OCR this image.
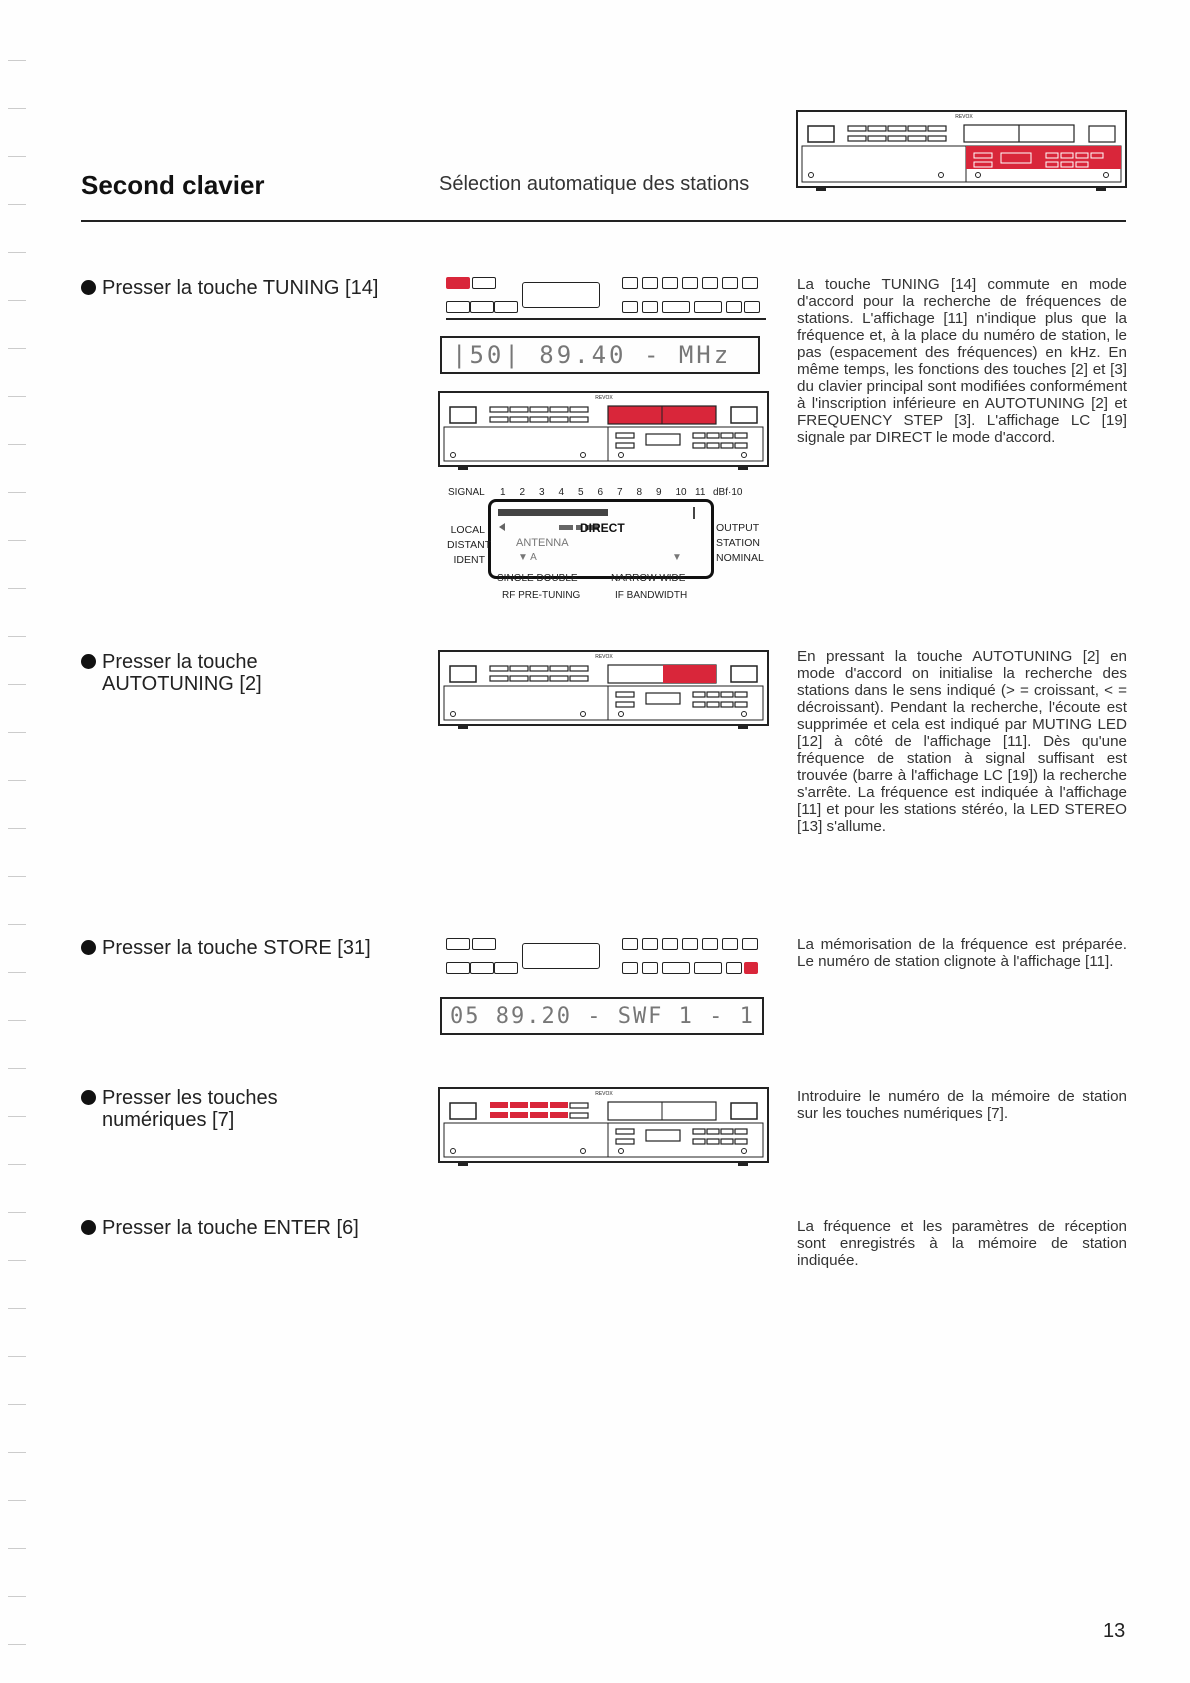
Second clavier	Sélection automatique des stations
REVOX
Presser la touche TUNING [14]	La touche TUNING [14] commute en mode d'accord pour la recherche de fréquences de stations. L'affichage [11] n'indique plus que la fréquence et, à la place du numéro de station, le pas (espacement des fréquences) en kHz. En même temps, les fonctions des touches [2] et [3] du clavier principal sont modifiées conformément à l'inscription inférieure en AUTOTUNING [2] et FREQUENCY STEP [3]. L'affichage LC [19] signale par DIRECT le mode d'accord.
|50| 89.40 - MHz
REVOX
SIGNAL 1 2 3 4 5 6 7 8 9 10 11 dBf·10
DIRECT
ANTENNA
▼ A	▼
LOCAL
DISTANT
IDENT
OUTPUT
STATION
NOMINAL
SINGLE DOUBLE	NARROW WIDE
RF PRE-TUNING	IF BANDWIDTH
Presser la touche
AUTOTUNING [2]
En pressant la touche AUTOTUNING [2] en mode d'accord on initialise la recherche des stations dans le sens indiqué (> = croissant, < = décroissant). Pendant la recherche, l'écoute est supprimée et cela est indiqué par MUTING LED [12] à côté de l'affichage [11]. Dès qu'une fréquence de station à signal suffisant est trouvée (barre à l'affichage LC [19]) la recherche s'arrête. La fréquence est indiquée à l'affichage [11] et pour les stations stéréo, la LED STEREO [13] s'allume.
REVOX
Presser la touche STORE [31]	La mémorisation de la fréquence est préparée. Le numéro de station clignote à l'affichage [11].
05 89.20 - SWF 1 - 1
Presser les touches
numériques [7]
Introduire le numéro de la mémoire de station sur les touches numériques [7].
REVOX
Presser la touche ENTER [6]	La fréquence et les paramètres de réception sont enregistrés à la mémoire de station indiquée.
13
